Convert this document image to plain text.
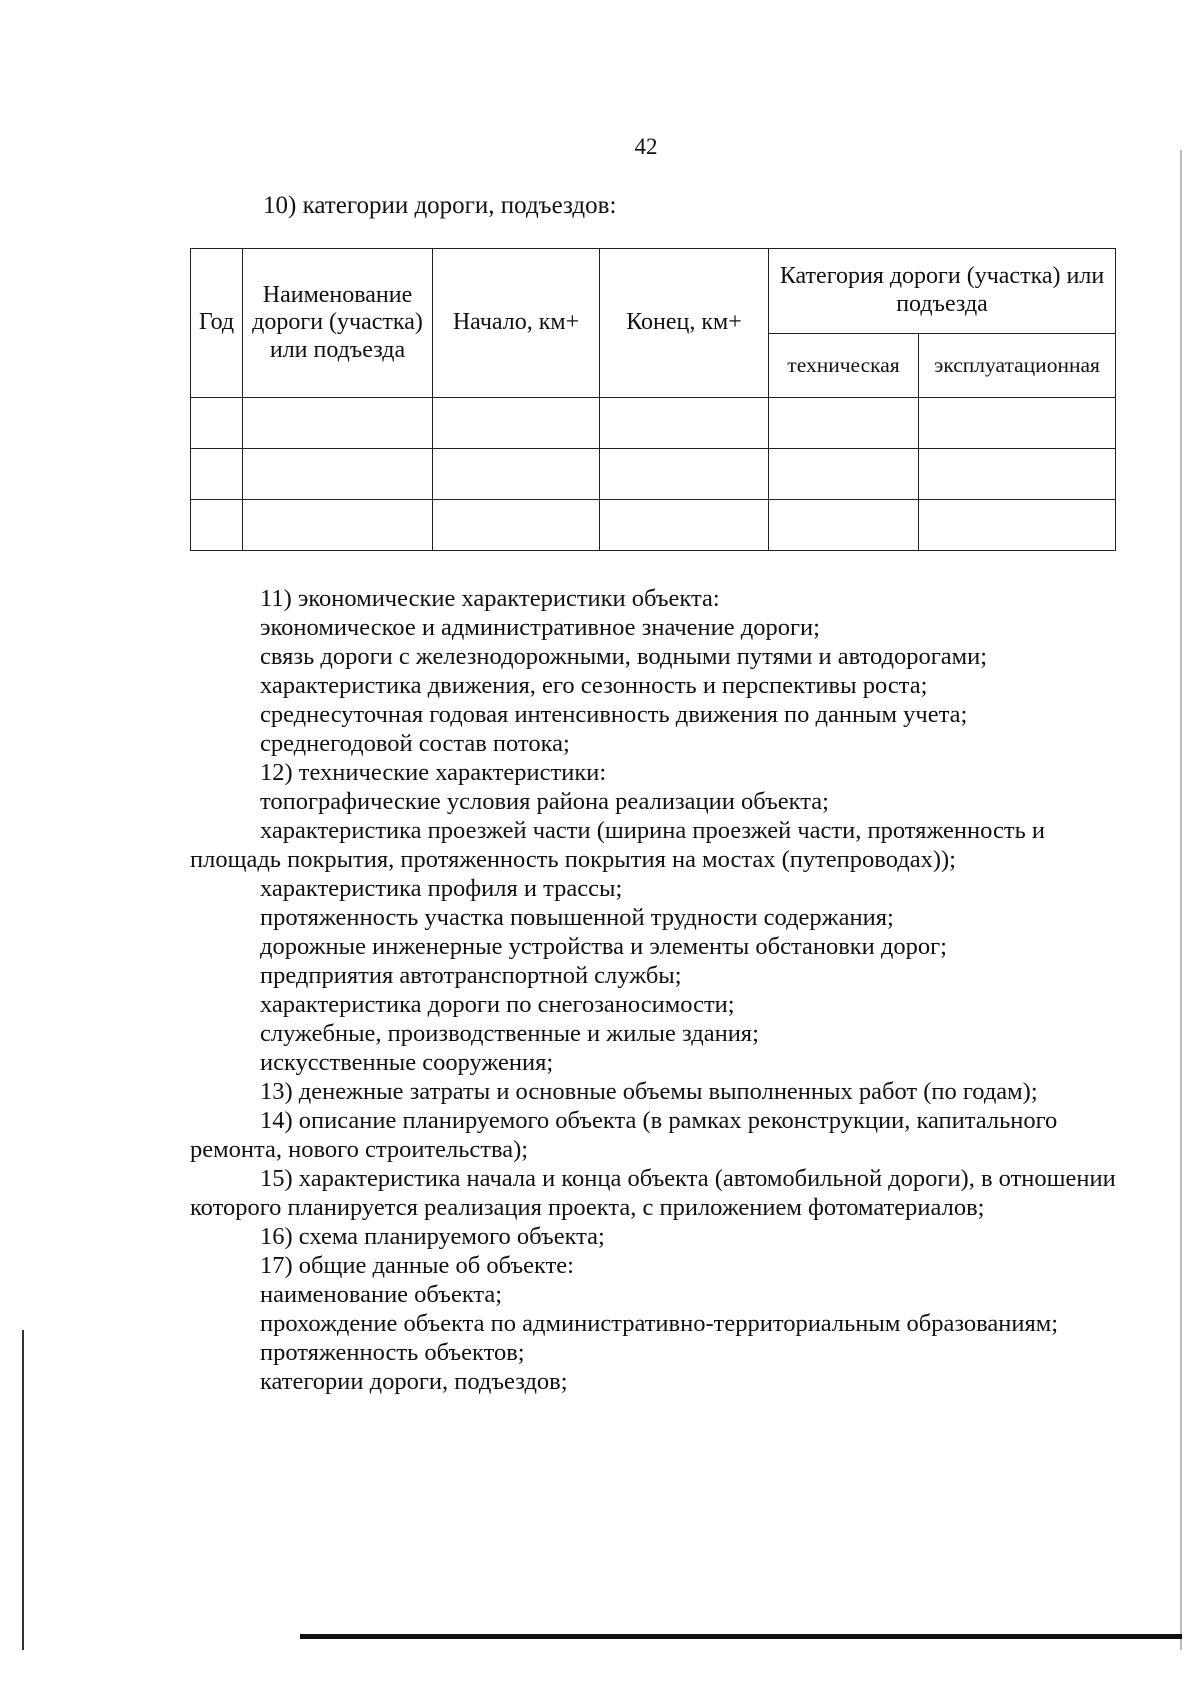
42
10) категории дороги, подъездов:
Год	Наименование дороги (участка) или подъезда	Начало, км+	Конец, км+	Категория дороги (участка) или подъезда	
				техническая	эксплуатационная

11) экономические характеристики объекта:

экономическое и административное значение дороги;

связь дороги с железнодорожными, водными путями и автодорогами;

характеристика движения, его сезонность и перспективы роста;

среднесуточная годовая интенсивность движения по данным учета;

среднегодовой состав потока;

12) технические характеристики:

топографические условия района реализации объекта;

характеристика проезжей части (ширина проезжей части, протяженность и площадь покрытия, протяженность покрытия на мостах (путепроводах));

характеристика профиля и трассы;

протяженность участка повышенной трудности содержания;

дорожные инженерные устройства и элементы обстановки дорог;

предприятия автотранспортной службы;

характеристика дороги по снегозаносимости;

служебные, производственные и жилые здания;

искусственные сооружения;

13) денежные затраты и основные объемы выполненных работ (по годам);

14) описание планируемого объекта (в рамках реконструкции, капитального ремонта, нового строительства);

15) характеристика начала и конца объекта (автомобильной дороги), в отношении которого планируется реализация проекта, с приложением фотоматериалов;

16) схема планируемого объекта;

17) общие данные об объекте:

наименование объекта;

прохождение объекта по административно-территориальным образованиям;

протяженность объектов;

категории дороги, подъездов;
